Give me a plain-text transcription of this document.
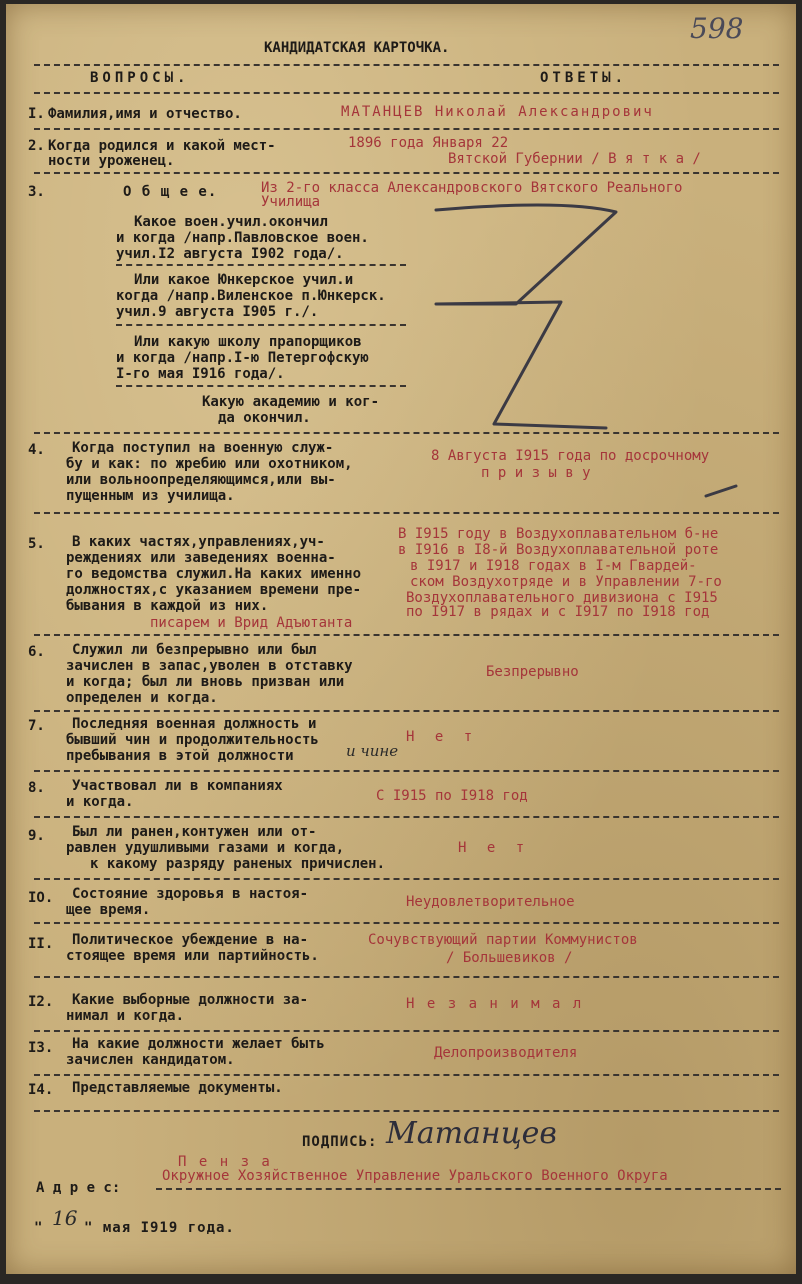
598
КАНДИДАТСКАЯ КАРТОЧКА.
ВОПРОСЫ.	ОТВЕТЫ.
I. Фамилия,имя и отчество.	МАТАНЦЕВ Николай Александрович
2. Когда родился и какой мест-
ности уроженец.
1896 года Января 22
Вятской Губернии / В я т к а /
3.	О б щ е е.	Из 2-го класса Александровского Вятского Реального
Училища
Какое воен.учил.окончил
и когда /напр.Павловское воен.
учил.I2 августа I902 года/.
Или какое Юнкерское учил.и
когда /напр.Виленское п.Юнкерск.
учил.9 августа I905 г./.
Или какую школу прапорщиков
и когда /напр.I-ю Петергофскую
I-го мая I916 года/.
Какую академию и ког-
да окончил.
4. Когда поступил на военную служ-
бу и как: по жребию или охотником,
или вольноопределяющимся,или вы-
пущенным из училища.
8 Августа I915 года по досрочному
п р и з ы в у
5. В каких частях,управлениях,уч-
реждениях или заведениях военна-
го ведомства служил.На каких именно
должностях,с указанием времени пре-
бывания в каждой из них.
В I915 году в Воздухоплавательном б-не
в I916 в I8-й Воздухоплавательной роте
в I917 и I918 годах в I-м Гвардей-
ском Воздухотряде и в Управлении 7-го
Воздухоплавательного дивизиона с I915
по I917 в рядах и с I917 по I918 год
писарем и Врид Адъютанта
6. Служил ли безпрерывно или был
зачислен в запас,уволен в отставку
и когда; был ли вновь призван или
определен и когда.
Безпрерывно
7. Последняя военная должность и
бывший чин и продолжительность
пребывания в этой должности	и чине
Н е т
8. Участвовал ли в компаниях
и когда.	С I915 по I918 год
9. Был ли ранен,контужен или от-
равлен удушливыми газами и когда,
к какому разряду раненых причислен.
Н е т
IO. Состояние здоровья в настоя-
щее время.	Неудовлетворительное
II. Политическое убеждение в на-
стоящее время или партийность.
Сочувствующий партии Коммунистов
/ Большевиков /
I2. Какие выборные должности за-
нимал и когда.
Н е з а н и м а л
I3. На какие должности желает быть
зачислен кандидатом.	Делопроизводителя
I4. Представляемые документы.
ПОДПИСЬ: Матанцев
П е н з а
Окружное Хозяйственное Управление Уральского Военного Округа
А д р е с:
" 16 " мая I919 года.
